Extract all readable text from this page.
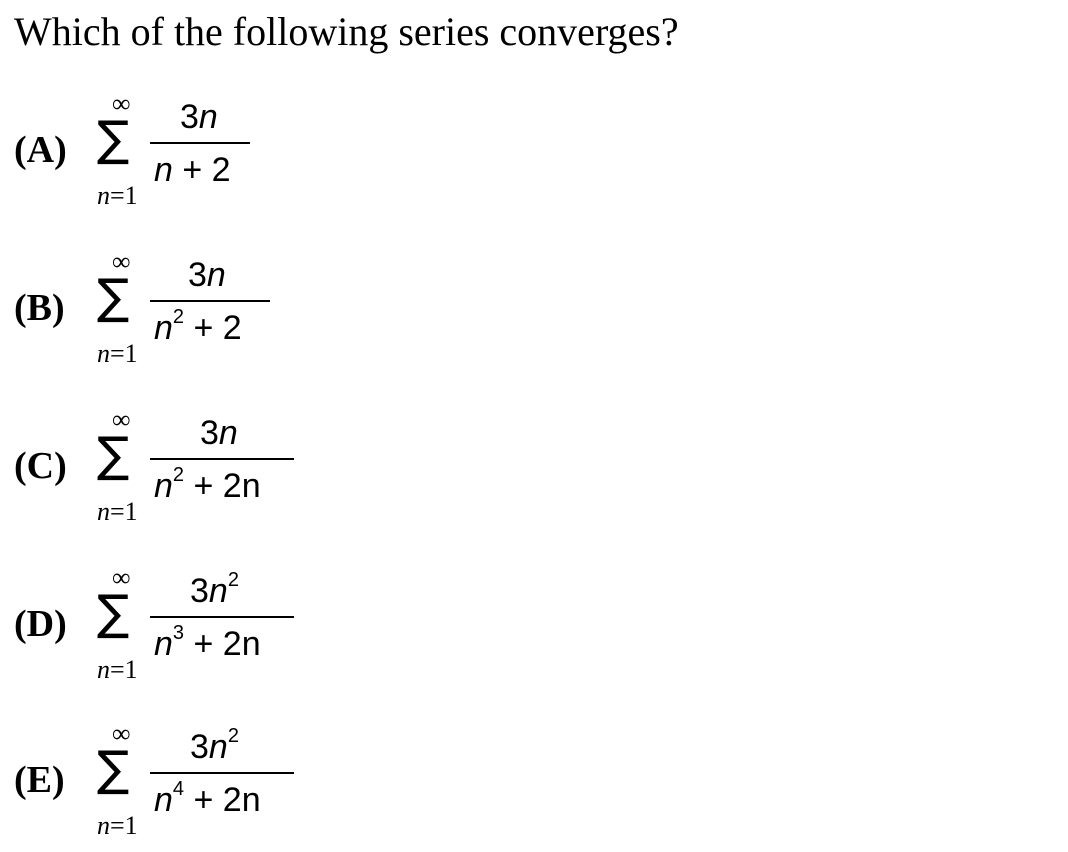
Which of the following series converges?
(A)
∞
∑
n=1
3n
n + 2
(B)
∞
∑
n=1
3n
$n^2 + 2$
(C)
∞
∑
n=1
3n
$n^2 + 2n$
(D)
∞
∑
n=1
$3n^2$
$n^3 + 2n$
(E)
∞
∑
n=1
$3n^2$
$n^4 + 2n$
